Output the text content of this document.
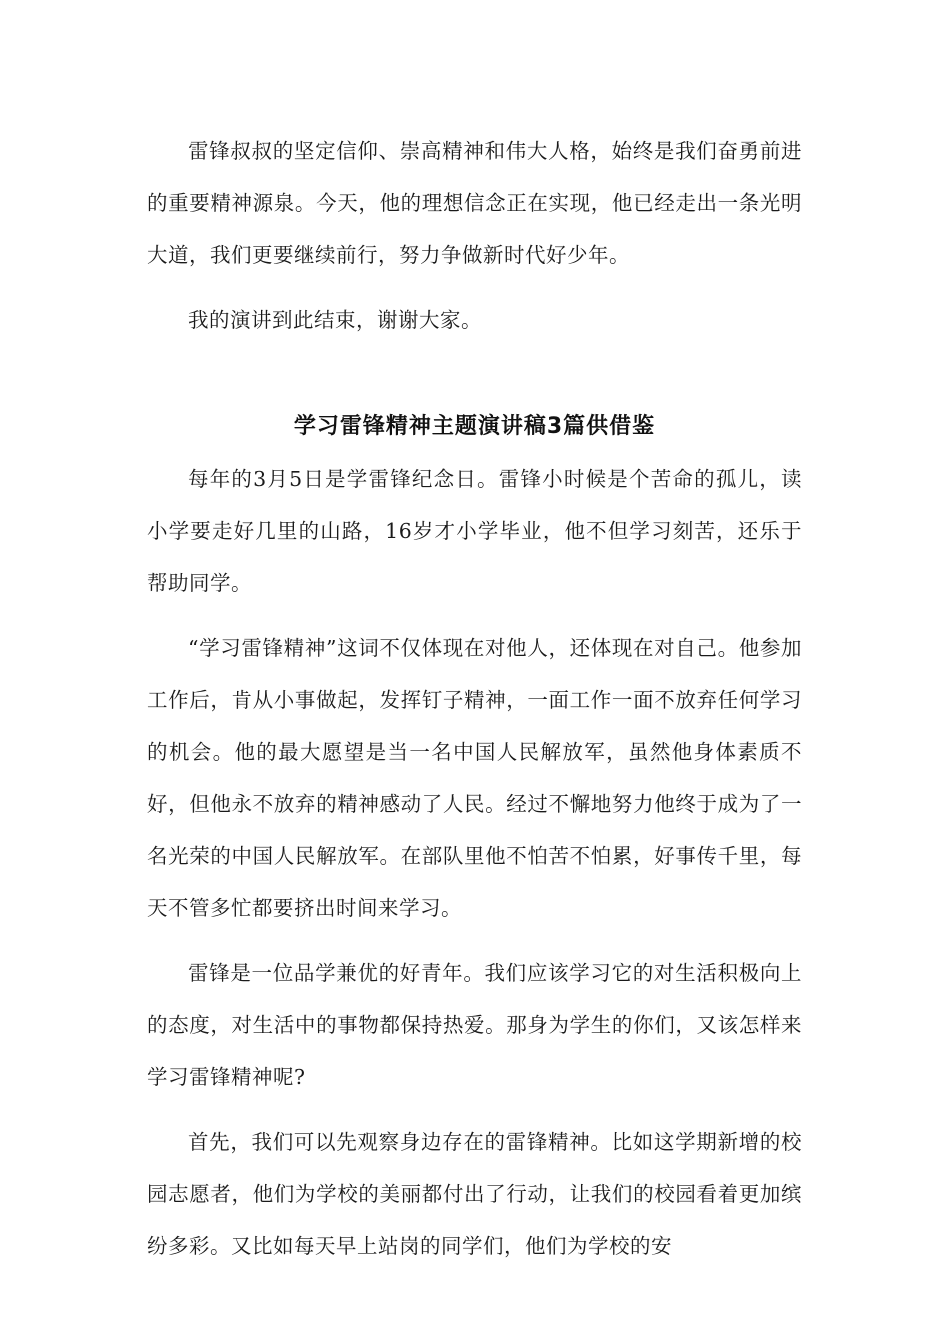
雷锋叔叔的坚定信仰、崇高精神和伟大人格，始终是我们奋勇前进的重要精神源泉。今天，他的理想信念正在实现，他已经走出一条光明大道，我们更要继续前行，努力争做新时代好少年。

我的演讲到此结束，谢谢大家。

学习雷锋精神主题演讲稿3篇供借鉴

每年的3月5日是学雷锋纪念日。雷锋小时候是个苦命的孤儿，读小学要走好几里的山路，16岁才小学毕业，他不但学习刻苦，还乐于帮助同学。

“学习雷锋精神”这词不仅体现在对他人，还体现在对自己。他参加工作后，肯从小事做起，发挥钉子精神，一面工作一面不放弃任何学习的机会。他的最大愿望是当一名中国人民解放军，虽然他身体素质不好，但他永不放弃的精神感动了人民。经过不懈地努力他终于成为了一名光荣的中国人民解放军。在部队里他不怕苦不怕累，好事传千里，每天不管多忙都要挤出时间来学习。

雷锋是一位品学兼优的好青年。我们应该学习它的对生活积极向上的态度，对生活中的事物都保持热爱。那身为学生的你们，又该怎样来学习雷锋精神呢?

首先，我们可以先观察身边存在的雷锋精神。比如这学期新增的校园志愿者，他们为学校的美丽都付出了行动，让我们的校园看着更加缤纷多彩。又比如每天早上站岗的同学们，他们为学校的安
